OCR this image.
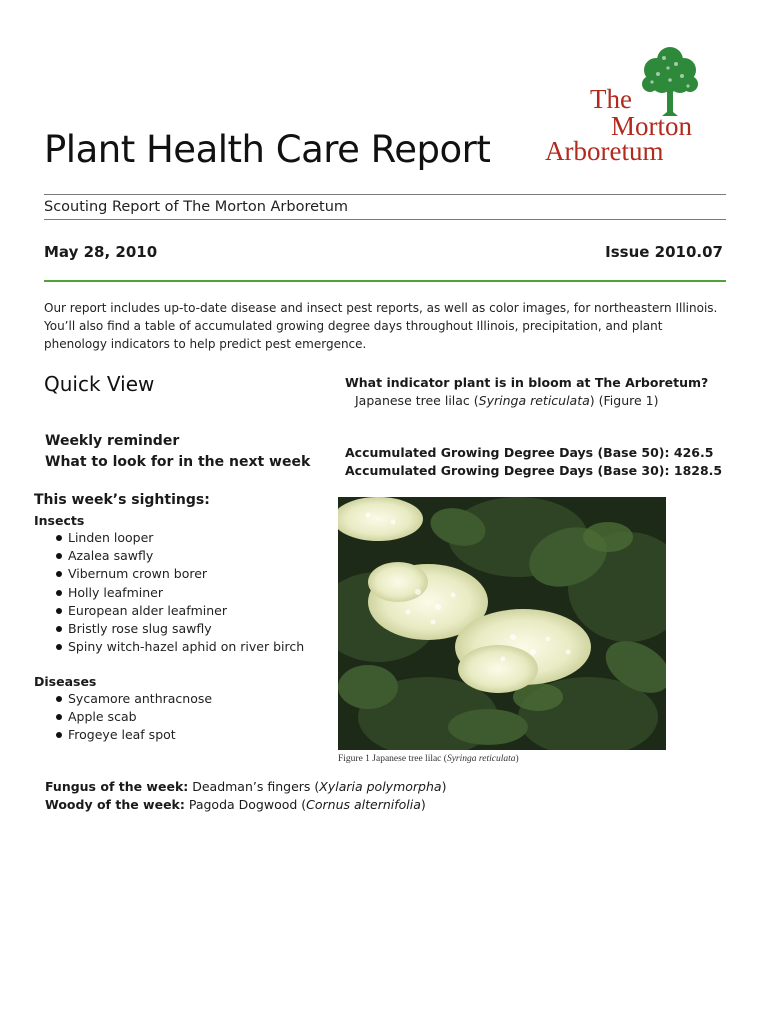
Plant Health Care Report
The
Morton
Arboretum
Scouting Report of The Morton Arboretum
May 28, 2010	Issue 2010.07
Our report includes up-to-date disease and insect pest reports, as well as color images, for northeastern Illinois. You’ll also find a table of accumulated growing degree days throughout Illinois, precipitation, and plant phenology indicators to help predict pest emergence.
Quick View	What indicator plant is in bloom at The Arboretum?
Japanese tree lilac (Syringa reticulata) (Figure 1)
Weekly reminder
What to look for in the next week
Accumulated Growing Degree Days (Base 50): 426.5
Accumulated Growing Degree Days (Base 30): 1828.5
This week’s sightings:
Insects
Linden looper
Azalea sawfly
Vibernum crown borer
Holly leafminer
European alder leafminer
Bristly rose slug sawfly
Spiny witch-hazel aphid on river birch
Diseases
Sycamore anthracnose
Apple scab
Frogeye leaf spot
Figure 1 Japanese tree lilac (Syringa reticulata)
Fungus of the week: Deadman’s fingers (Xylaria polymorpha)
Woody of the week: Pagoda Dogwood (Cornus alternifolia)
